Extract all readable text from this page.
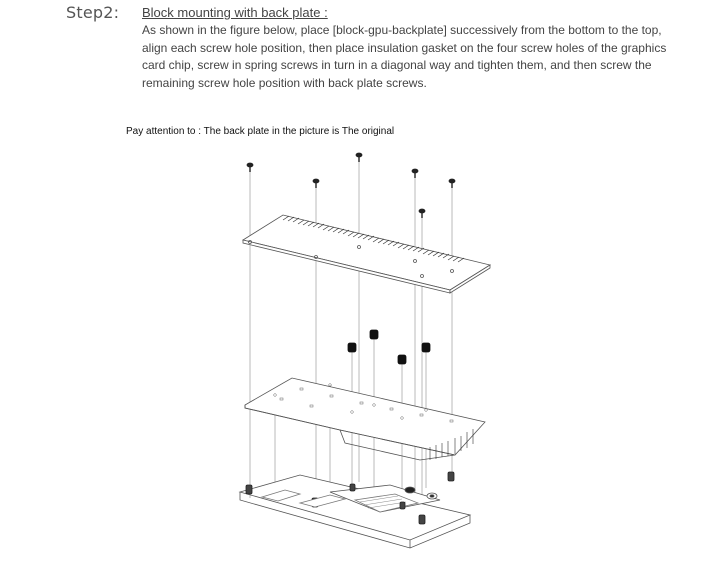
Step2: Block mounting with back plate :

As shown in the figure below, place [block-gpu-backplate] successively from the bottom to the top, align each screw hole position, then place insulation gasket on the four screw holes of the graphics card chip, screw in spring screws in turn in a diagonal way and tighten them, and then screw the remaining screw hole position with back plate screws.

Pay attention to : The back plate in the picture is The original
